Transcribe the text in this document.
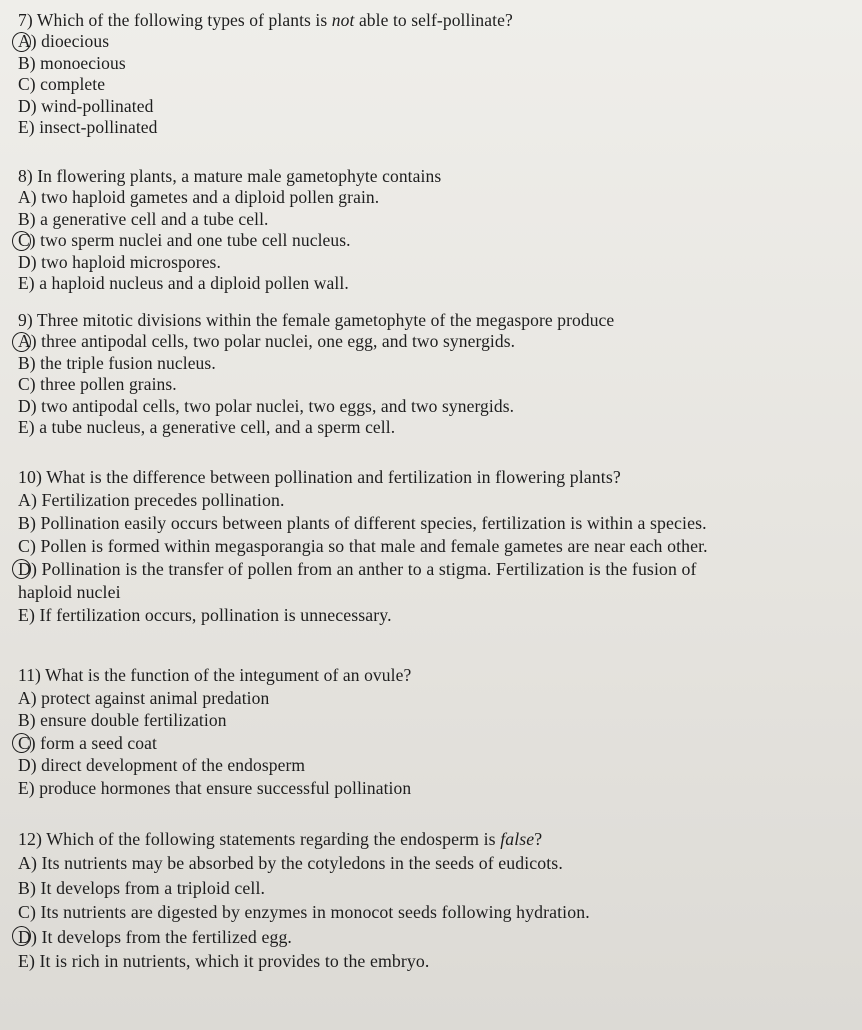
7) Which of the following types of plants is not able to self-pollinate?
A) dioecious
B) monoecious
C) complete
D) wind-pollinated
E) insect-pollinated
8) In flowering plants, a mature male gametophyte contains
A) two haploid gametes and a diploid pollen grain.
B) a generative cell and a tube cell.
C) two sperm nuclei and one tube cell nucleus.
D) two haploid microspores.
E) a haploid nucleus and a diploid pollen wall.
9) Three mitotic divisions within the female gametophyte of the megaspore produce
A) three antipodal cells, two polar nuclei, one egg, and two synergids.
B) the triple fusion nucleus.
C) three pollen grains.
D) two antipodal cells, two polar nuclei, two eggs, and two synergids.
E) a tube nucleus, a generative cell, and a sperm cell.
10) What is the difference between pollination and fertilization in flowering plants?
A) Fertilization precedes pollination.
B) Pollination easily occurs between plants of different species, fertilization is within a species.
C) Pollen is formed within megasporangia so that male and female gametes are near each other.
D) Pollination is the transfer of pollen from an anther to a stigma. Fertilization is the fusion of
haploid nuclei
E) If fertilization occurs, pollination is unnecessary.
11) What is the function of the integument of an ovule?
A) protect against animal predation
B) ensure double fertilization
C) form a seed coat
D) direct development of the endosperm
E) produce hormones that ensure successful pollination
12) Which of the following statements regarding the endosperm is false?
A) Its nutrients may be absorbed by the cotyledons in the seeds of eudicots.
B) It develops from a triploid cell.
C) Its nutrients are digested by enzymes in monocot seeds following hydration.
D) It develops from the fertilized egg.
E) It is rich in nutrients, which it provides to the embryo.
